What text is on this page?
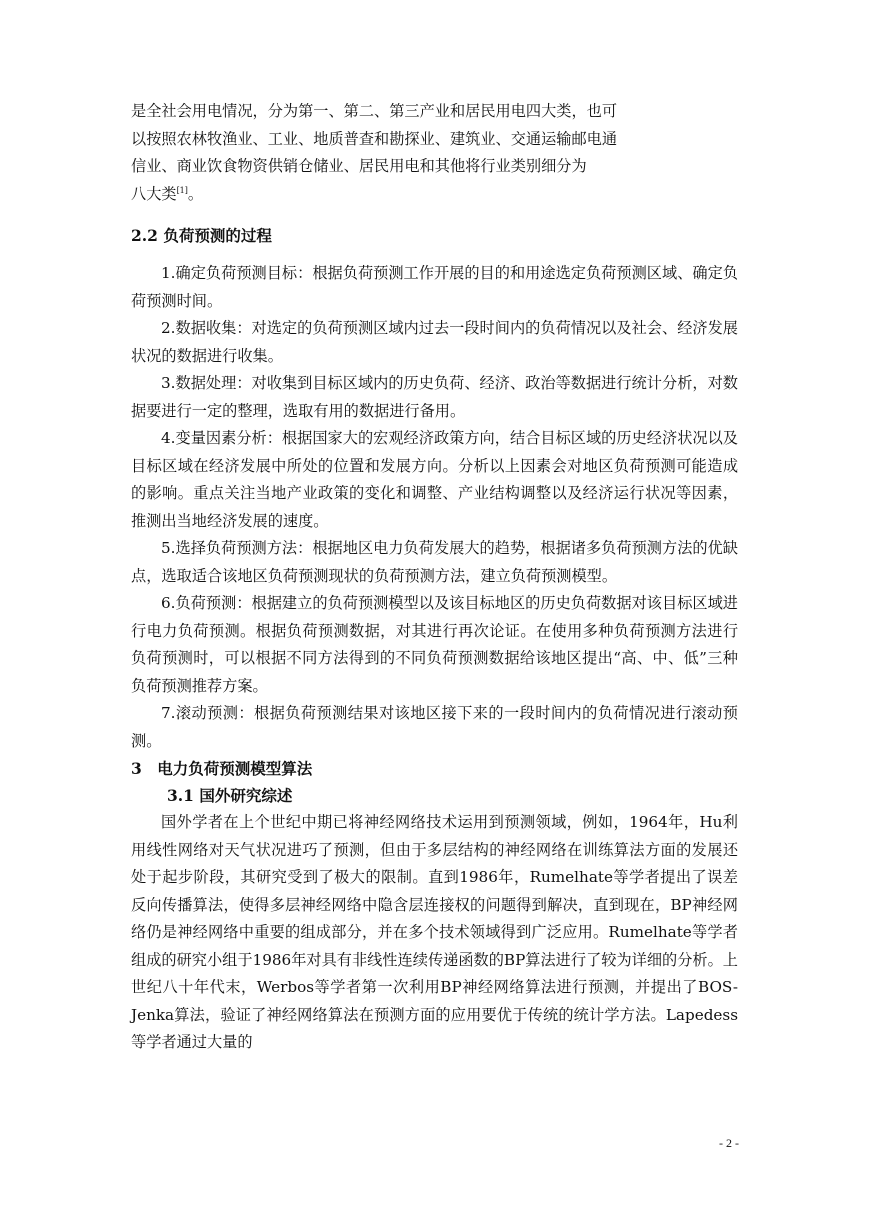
是全社会用电情况，分为第一、第二、第三产业和居民用电四大类，也可
以按照农林牧渔业、工业、地质普查和勘探业、建筑业、交通运输邮电通
信业、商业饮食物资供销仓储业、居民用电和其他将行业类别细分为
八大类[1]。

2.2 负荷预测的过程

1.确定负荷预测目标：根据负荷预测工作开展的目的和用途选定负荷预测区域、确定负荷预测时间。

2.数据收集：对选定的负荷预测区域内过去一段时间内的负荷情况以及社会、经济发展状况的数据进行收集。

3.数据处理：对收集到目标区域内的历史负荷、经济、政治等数据进行统计分析，对数据要进行一定的整理，选取有用的数据进行备用。

4.变量因素分析：根据国家大的宏观经济政策方向，结合目标区域的历史经济状况以及目标区域在经济发展中所处的位置和发展方向。分析以上因素会对地区负荷预测可能造成的影响。重点关注当地产业政策的变化和调整、产业结构调整以及经济运行状况等因素，推测出当地经济发展的速度。

5.选择负荷预测方法：根据地区电力负荷发展大的趋势，根据诸多负荷预测方法的优缺点，选取适合该地区负荷预测现状的负荷预测方法，建立负荷预测模型。

6.负荷预测：根据建立的负荷预测模型以及该目标地区的历史负荷数据对该目标区域进行电力负荷预测。根据负荷预测数据，对其进行再次论证。在使用多种负荷预测方法进行负荷预测时，可以根据不同方法得到的不同负荷预测数据给该地区提出“高、中、低”三种负荷预测推荐方案。

7.滚动预测：根据负荷预测结果对该地区接下来的一段时间内的负荷情况进行滚动预测。

3　电力负荷预测模型算法
3.1 国外研究综述

国外学者在上个世纪中期已将神经网络技术运用到预测领域，例如，1964年，Hu利用线性网络对天气状况进巧了预测，但由于多层结构的神经网络在训练算法方面的发展还处于起步阶段，其研究受到了极大的限制。直到1986年，Rumelhate等学者提出了误差反向传播算法，使得多层神经网络中隐含层连接权的问题得到解决，直到现在，BP神经网络仍是神经网络中重要的组成部分，并在多个技术领域得到广泛应用。Rumelhate等学者组成的研究小组于1986年对具有非线性连续传递函数的BP算法进行了较为详细的分析。上世纪八十年代末，Werbos等学者第一次利用BP神经网络算法进行预测，并提出了BOS-Jenka算法，验证了神经网络算法在预测方面的应用要优于传统的统计学方法。Lapedess等学者通过大量的

- 2 -
